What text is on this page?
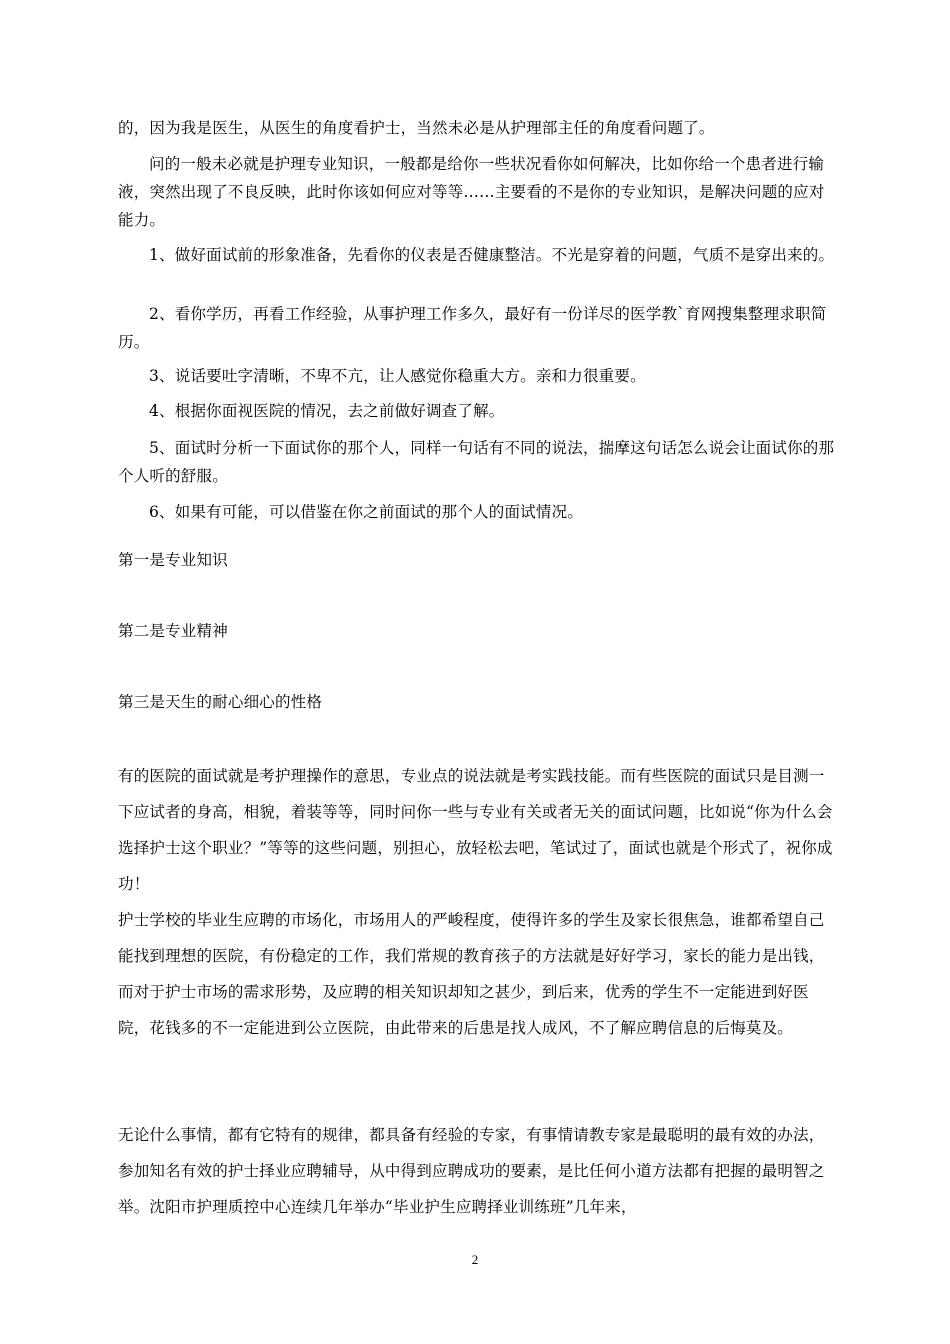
的，因为我是医生，从医生的角度看护士，当然未必是从护理部主任的角度看问题了。

问的一般未必就是护理专业知识，一般都是给你一些状况看你如何解决，比如你给一个患者进行输液，突然出现了不良反映，此时你该如何应对等等……主要看的不是你的专业知识，是解决问题的应对能力。

1、做好面试前的形象准备，先看你的仪表是否健康整洁。不光是穿着的问题，气质不是穿出来的。

2、看你学历，再看工作经验，从事护理工作多久，最好有一份详尽的医学教`育网搜集整理求职简历。

3、说话要吐字清晰，不卑不亢，让人感觉你稳重大方。亲和力很重要。

4、根据你面视医院的情况，去之前做好调查了解。

5、面试时分析一下面试你的那个人，同样一句话有不同的说法，揣摩这句话怎么说会让面试你的那个人听的舒服。

6、如果有可能，可以借鉴在你之前面试的那个人的面试情况。

第一是专业知识

第二是专业精神

第三是天生的耐心细心的性格

有的医院的面试就是考护理操作的意思，专业点的说法就是考实践技能。而有些医院的面试只是目测一下应试者的身高，相貌，着装等等，同时问你一些与专业有关或者无关的面试问题，比如说“你为什么会选择护士这个职业？”等等的这些问题，别担心，放轻松去吧，笔试过了，面试也就是个形式了，祝你成功！

护士学校的毕业生应聘的市场化，市场用人的严峻程度，使得许多的学生及家长很焦急，谁都希望自己能找到理想的医院，有份稳定的工作，我们常规的教育孩子的方法就是好好学习，家长的能力是出钱，而对于护士市场的需求形势，及应聘的相关知识却知之甚少，到后来，优秀的学生不一定能进到好医院，花钱多的不一定能进到公立医院，由此带来的后患是找人成风，不了解应聘信息的后悔莫及。

无论什么事情，都有它特有的规律，都具备有经验的专家，有事情请教专家是最聪明的最有效的办法，参加知名有效的护士择业应聘辅导，从中得到应聘成功的要素，是比任何小道方法都有把握的最明智之举。沈阳市护理质控中心连续几年举办“毕业护生应聘择业训练班”几年来，

2
